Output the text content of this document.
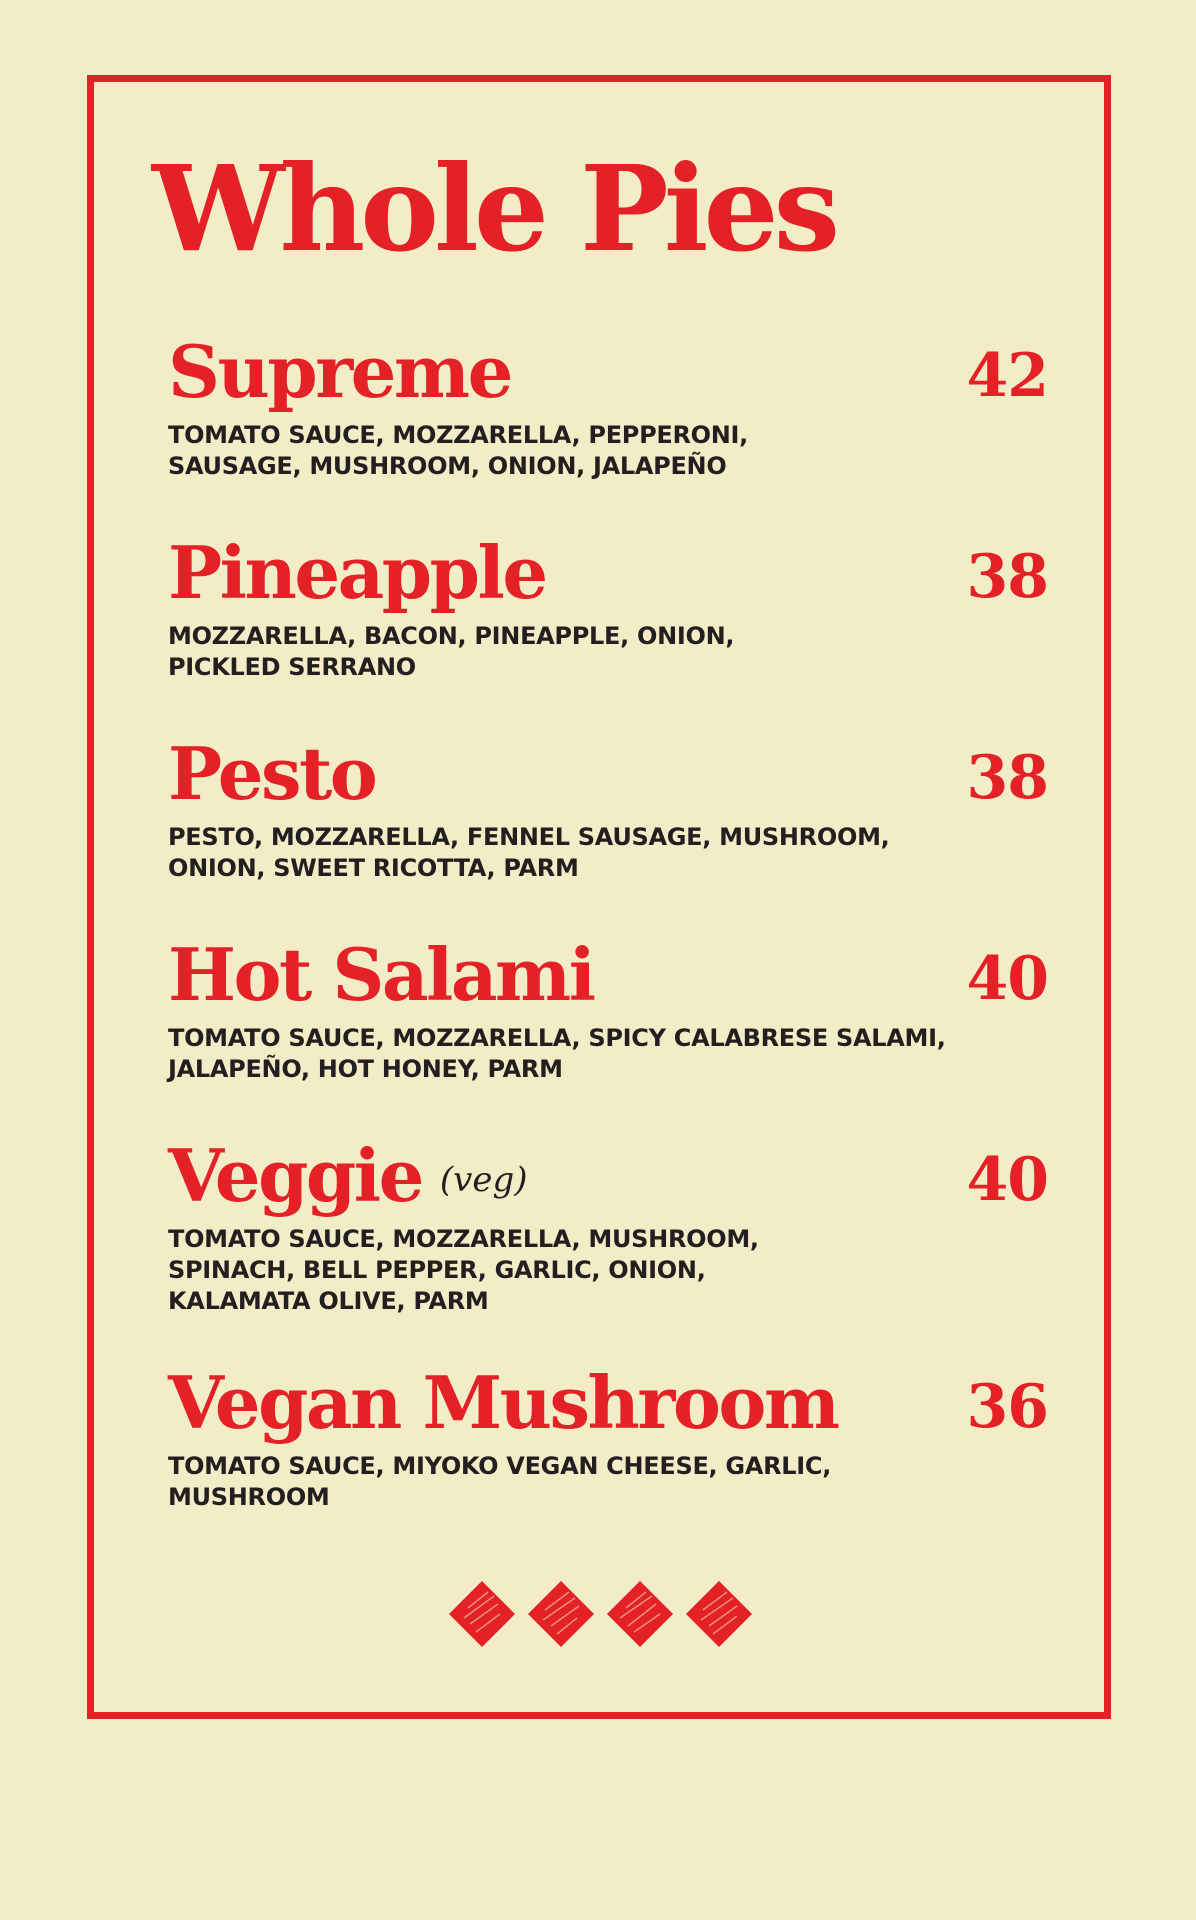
Whole Pies
Supreme	42

TOMATO SAUCE, MOZZARELLA, PEPPERONI,
SAUSAGE, MUSHROOM, ONION, JALAPEÑO

Pineapple	38

MOZZARELLA, BACON, PINEAPPLE, ONION,
PICKLED SERRANO

Pesto	38

PESTO, MOZZARELLA, FENNEL SAUSAGE, MUSHROOM,
ONION, SWEET RICOTTA, PARM

Hot Salami	40

TOMATO SAUCE, MOZZARELLA, SPICY CALABRESE SALAMI,
JALAPEÑO, HOT HONEY, PARM

Veggie (veg)	40

TOMATO SAUCE, MOZZARELLA, MUSHROOM,
SPINACH, BELL PEPPER, GARLIC, ONION,
KALAMATA OLIVE, PARM

Vegan Mushroom	36

TOMATO SAUCE, MIYOKO VEGAN CHEESE, GARLIC,
MUSHROOM
